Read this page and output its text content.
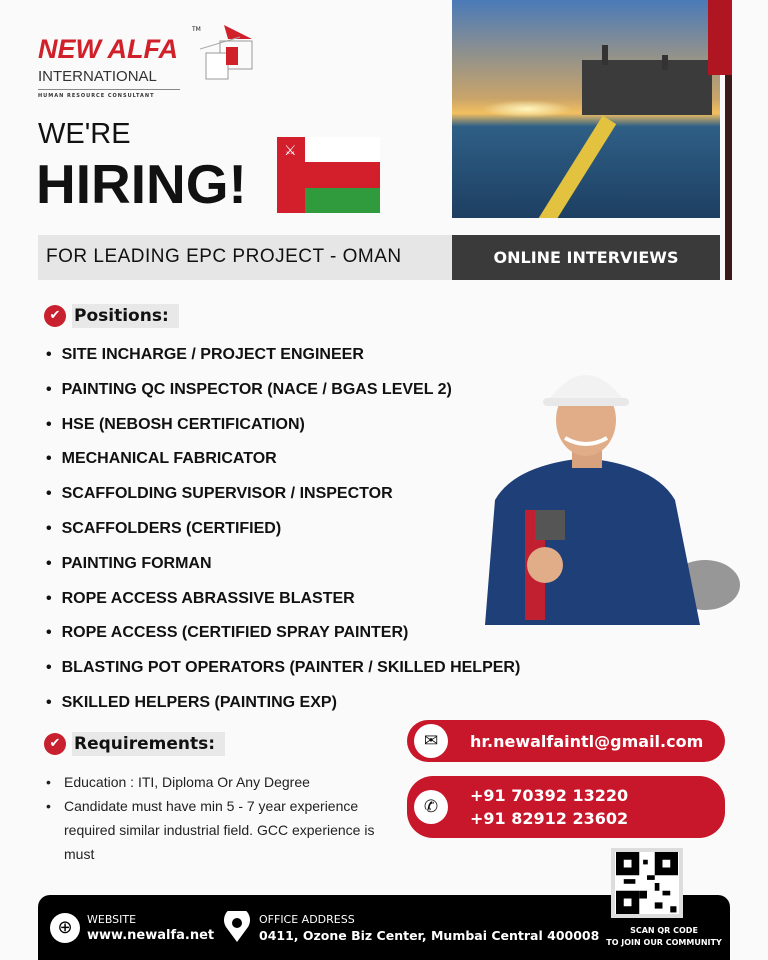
NEW ALFA
TM
INTERNATIONAL
HUMAN RESOURCE CONSULTANT
WE'RE
HIRING!
⚔
FOR LEADING EPC PROJECT - OMAN	ONLINE INTERVIEWS
✔ Positions:
• SITE INCHARGE / PROJECT ENGINEER
• PAINTING QC INSPECTOR (NACE / BGAS LEVEL 2)
• HSE (NEBOSH CERTIFICATION)
• MECHANICAL FABRICATOR
• SCAFFOLDING SUPERVISOR / INSPECTOR
• SCAFFOLDERS (CERTIFIED)
• PAINTING FORMAN
• ROPE ACCESS ABRASSIVE BLASTER
• ROPE ACCESS (CERTIFIED SPRAY PAINTER)
• BLASTING POT OPERATORS (PAINTER / SKILLED HELPER)
• SKILLED HELPERS (PAINTING EXP)
✔ Requirements:
• Education : ITI, Diploma Or Any Degree
• Candidate must have min 5 - 7 year experience required similar industrial field. GCC experience is must
✉	hr.newalfaintl@gmail.com
✆
+91 70392 13220
+91 82912 23602
⊕	WEBSITE
www.newalfa.net
OFFICE ADDRESS
0411, Ozone Biz Center, Mumbai Central 400008	SCAN QR CODE
TO JOIN OUR COMMUNITY
